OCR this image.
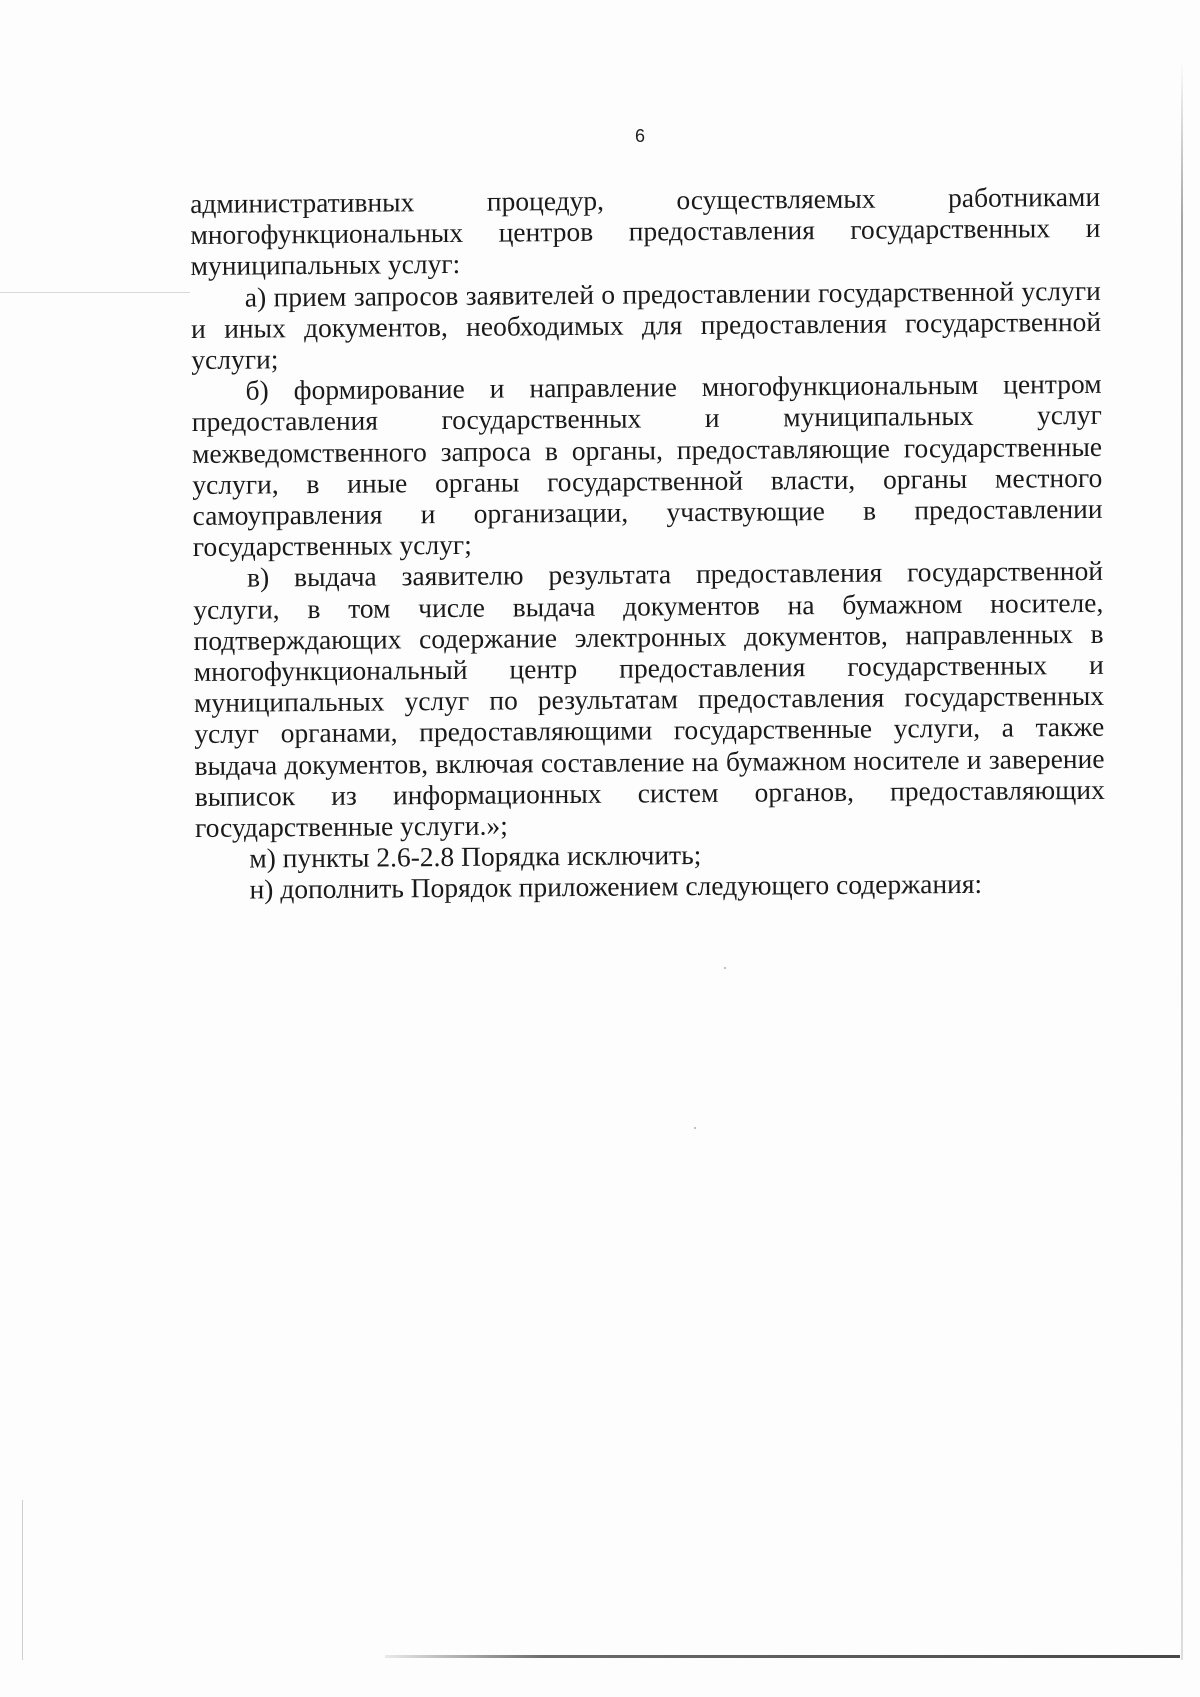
6

административных процедур, осуществляемых работниками многофункциональных центров предоставления государственных и муниципальных услуг:

а) прием запросов заявителей о предоставлении государственной услуги и иных документов, необходимых для предоставления государственной услуги;

б) формирование и направление многофункциональным центром предоставления государственных и муниципальных услуг межведомственного запроса в органы, предоставляющие государственные услуги, в иные органы государственной власти, органы местного самоуправления и организации, участвующие в предоставлении государственных услуг;

в) выдача заявителю результата предоставления государственной услуги, в том числе выдача документов на бумажном носителе, подтверждающих содержание электронных документов, направленных в многофункциональный центр предоставления государственных и муниципальных услуг по результатам предоставления государственных услуг органами, предоставляющими государственные услуги, а также выдача документов, включая составление на бумажном носителе и заверение выписок из информационных систем органов, предоставляющих государственные услуги.»;

м) пункты 2.6-2.8 Порядка исключить;

н) дополнить Порядок приложением следующего содержания:
